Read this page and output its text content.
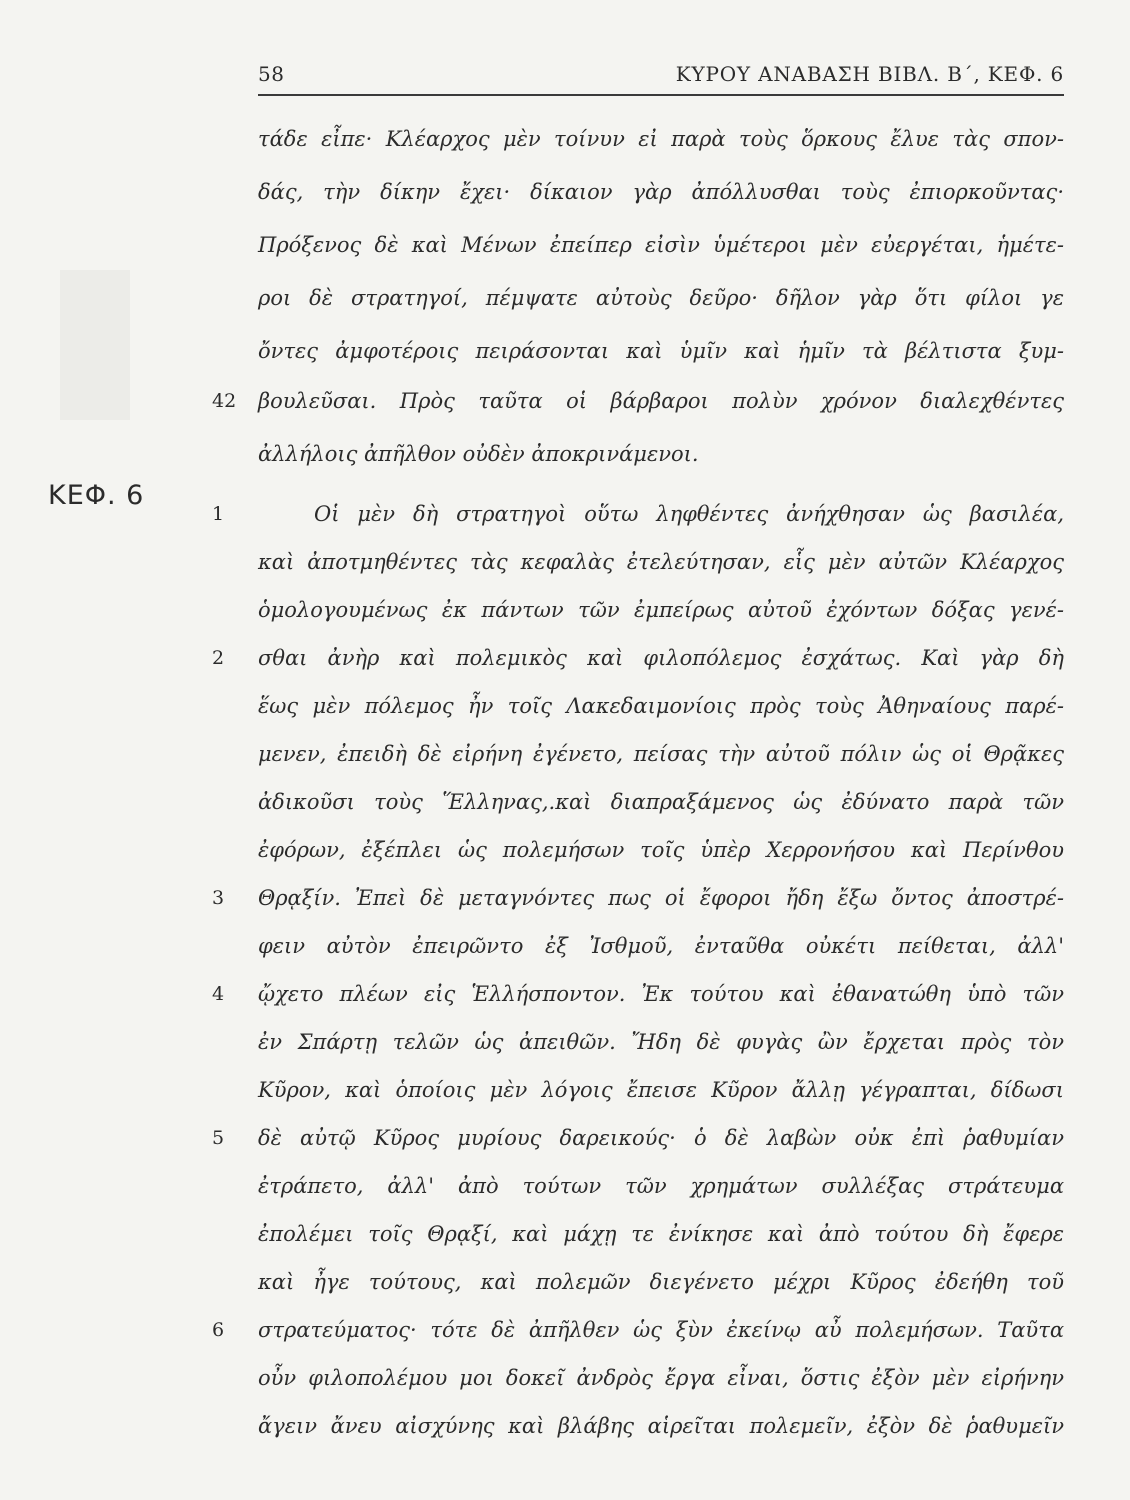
58	ΚΥΡΟΥ ΑΝΑΒΑΣΗ ΒΙΒΛ. Β΄, ΚΕΦ. 6
ΚΕΦ. 6
42
1
2
3
4
5
6
τάδε εἶπε· Κλέαρχος μὲν τοίνυν εἰ παρὰ τοὺς ὅρκους ἔλυε τὰς σπον-
δάς, τὴν δίκην ἔχει· δίκαιον γὰρ ἀπόλλυσθαι τοὺς ἐπιορκοῦντας·
Πρόξενος δὲ καὶ Μένων ἐπείπερ εἰσὶν ὑμέτεροι μὲν εὐεργέται, ἡμέτε-
ροι δὲ στρατηγοί, πέμψατε αὐτοὺς δεῦρο· δῆλον γὰρ ὅτι φίλοι γε
ὄντες ἀμφοτέροις πειράσονται καὶ ὑμῖν καὶ ἡμῖν τὰ βέλτιστα ξυμ-
βουλεῦσαι. Πρὸς ταῦτα οἱ βάρβαροι πολὺν χρόνον διαλεχθέντες
ἀλλήλοις ἀπῆλθον οὐδὲν ἀποκρινάμενοι.
Οἱ μὲν δὴ στρατηγοὶ οὕτω ληφθέντες ἀνήχθησαν ὡς βασιλέα,
καὶ ἀποτμηθέντες τὰς κεφαλὰς ἐτελεύτησαν, εἷς μὲν αὐτῶν Κλέαρχος
ὁμολογουμένως ἐκ πάντων τῶν ἐμπείρως αὐτοῦ ἐχόντων δόξας γενέ-
σθαι ἀνὴρ καὶ πολεμικὸς καὶ φιλοπόλεμος ἐσχάτως. Καὶ γὰρ δὴ
ἕως μὲν πόλεμος ἦν τοῖς Λακεδαιμονίοις πρὸς τοὺς Ἀθηναίους παρέ-
μενεν, ἐπειδὴ δὲ εἰρήνη ἐγένετο, πείσας τὴν αὐτοῦ πόλιν ὡς οἱ Θρᾷκες
ἀδικοῦσι τοὺς Ἕλληνας,.καὶ διαπραξάμενος ὡς ἐδύνατο παρὰ τῶν
ἐφόρων, ἐξέπλει ὡς πολεμήσων τοῖς ὑπὲρ Χερρονήσου καὶ Περίνθου
Θρᾳξίν. Ἐπεὶ δὲ μεταγνόντες πως οἱ ἔφοροι ἤδη ἔξω ὄντος ἀποστρέ-
φειν αὐτὸν ἐπειρῶντο ἐξ Ἰσθμοῦ, ἐνταῦθα οὐκέτι πείθεται, ἀλλ'
ᾤχετο πλέων εἰς Ἑλλήσποντον. Ἐκ τούτου καὶ ἐθανατώθη ὑπὸ τῶν
ἐν Σπάρτῃ τελῶν ὡς ἀπειθῶν. Ἤδη δὲ φυγὰς ὢν ἔρχεται πρὸς τὸν
Κῦρον, καὶ ὁποίοις μὲν λόγοις ἔπεισε Κῦρον ἄλλῃ γέγραπται, δίδωσι
δὲ αὐτῷ Κῦρος μυρίους δαρεικούς· ὁ δὲ λαβὼν οὐκ ἐπὶ ῥαθυμίαν
ἐτράπετο, ἀλλ' ἀπὸ τούτων τῶν χρημάτων συλλέξας στράτευμα
ἐπολέμει τοῖς Θρᾳξί, καὶ μάχῃ τε ἐνίκησε καὶ ἀπὸ τούτου δὴ ἔφερε
καὶ ἦγε τούτους, καὶ πολεμῶν διεγένετο μέχρι Κῦρος ἐδεήθη τοῦ
στρατεύματος· τότε δὲ ἀπῆλθεν ὡς ξὺν ἐκείνῳ αὖ πολεμήσων. Ταῦτα
οὖν φιλοπολέμου μοι δοκεῖ ἀνδρὸς ἔργα εἶναι, ὅστις ἐξὸν μὲν εἰρήνην
ἄγειν ἄνευ αἰσχύνης καὶ βλάβης αἱρεῖται πολεμεῖν, ἐξὸν δὲ ῥαθυμεῖν
